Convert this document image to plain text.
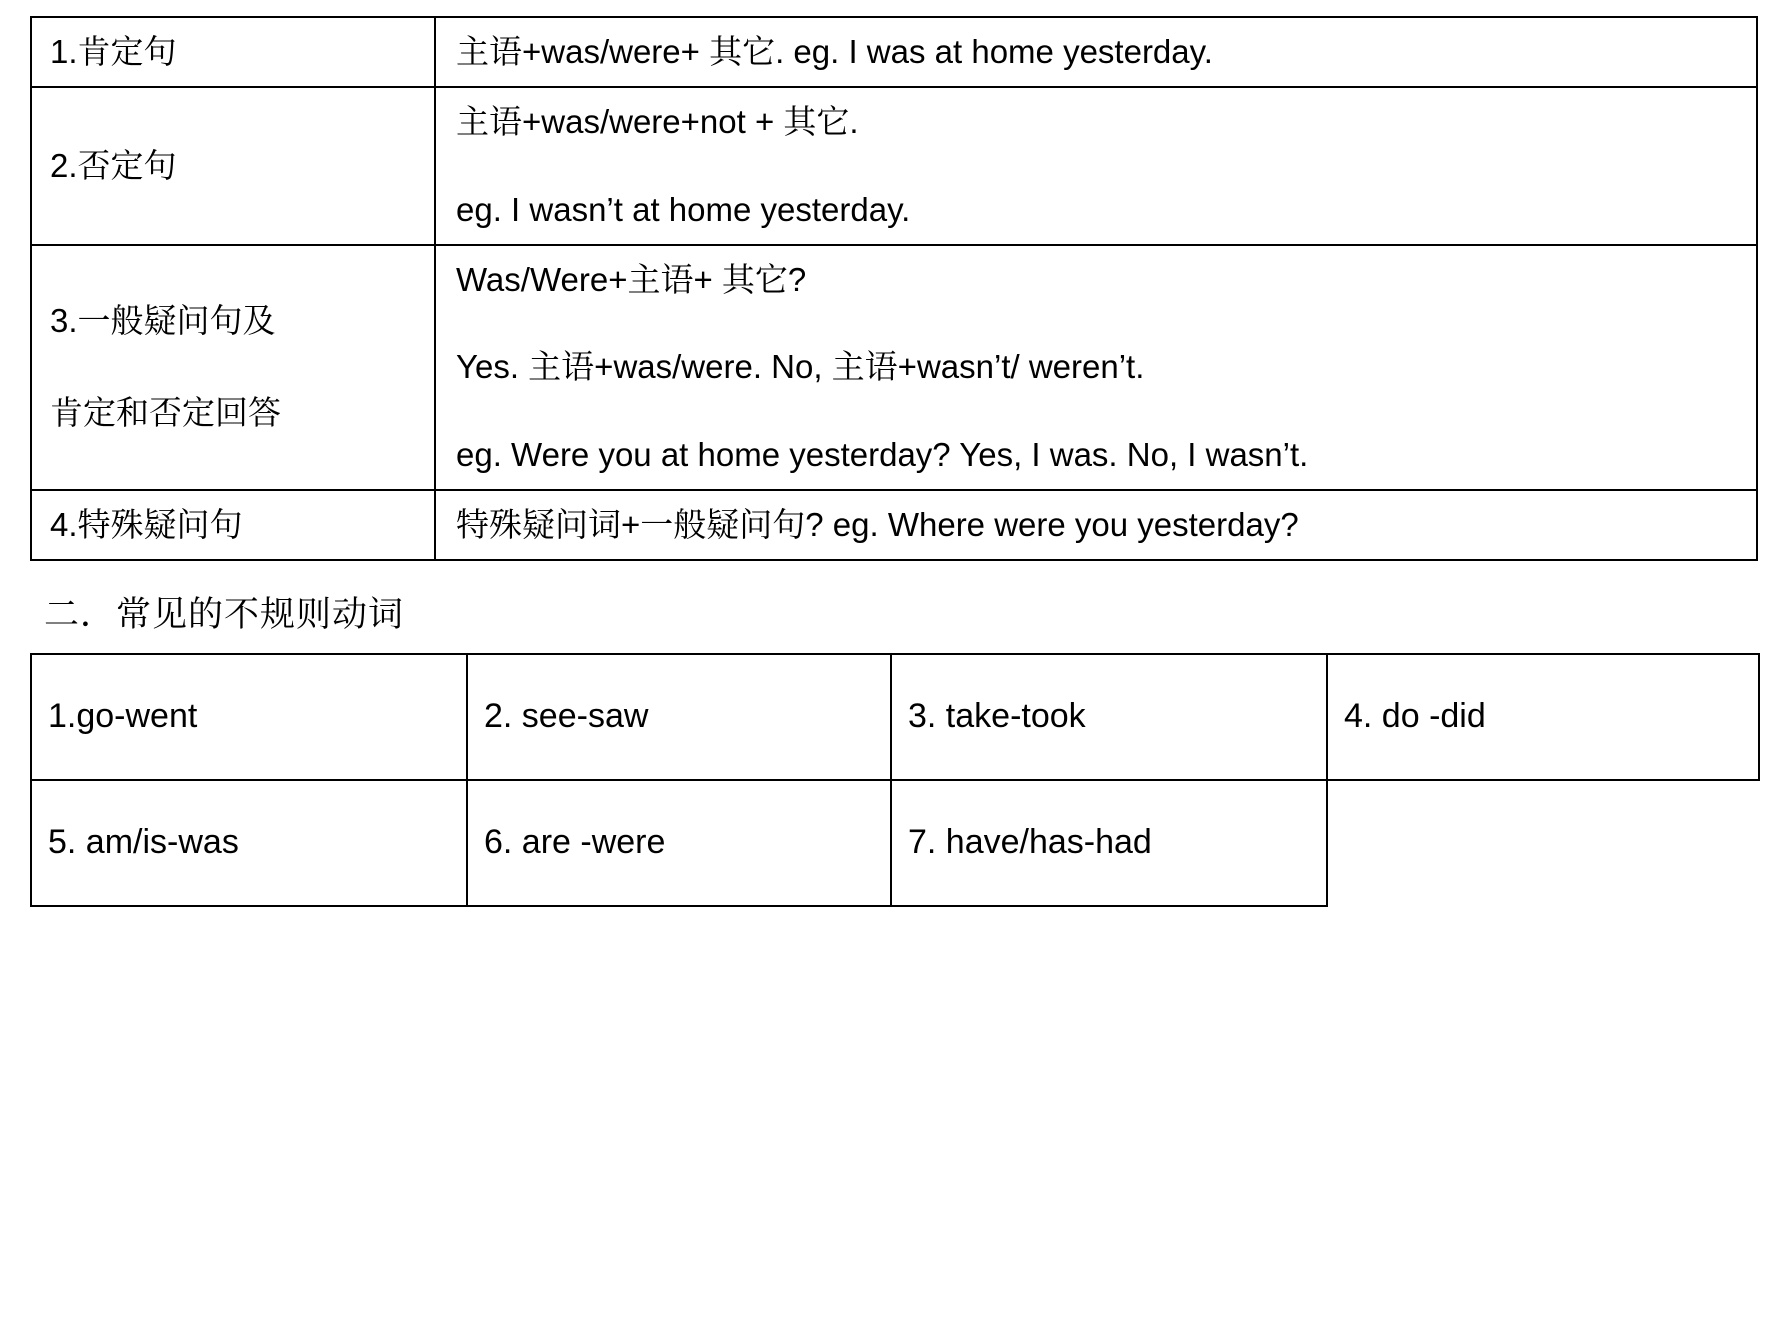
1.肯定句	主语+was/were+ 其它. eg. I was at home yesterday.

2.否定句	主语+was/were+not + 其它.
eg. I wasn’t at home yesterday.

3.一般疑问句及
肯定和否定回答	Was/Were+主语+ 其它?
Yes. 主语+was/were. No, 主语+wasn’t/ weren’t.
eg. Were you at home yesterday? Yes, I was. No, I wasn’t.

4.特殊疑问句	特殊疑问词+一般疑问句? eg. Where were you yesterday?
二．常见的不规则动词
1.go-went	2. see-saw	3. take-took	4. do -did
5. am/is-was	6. are -were	7. have/has-had	
